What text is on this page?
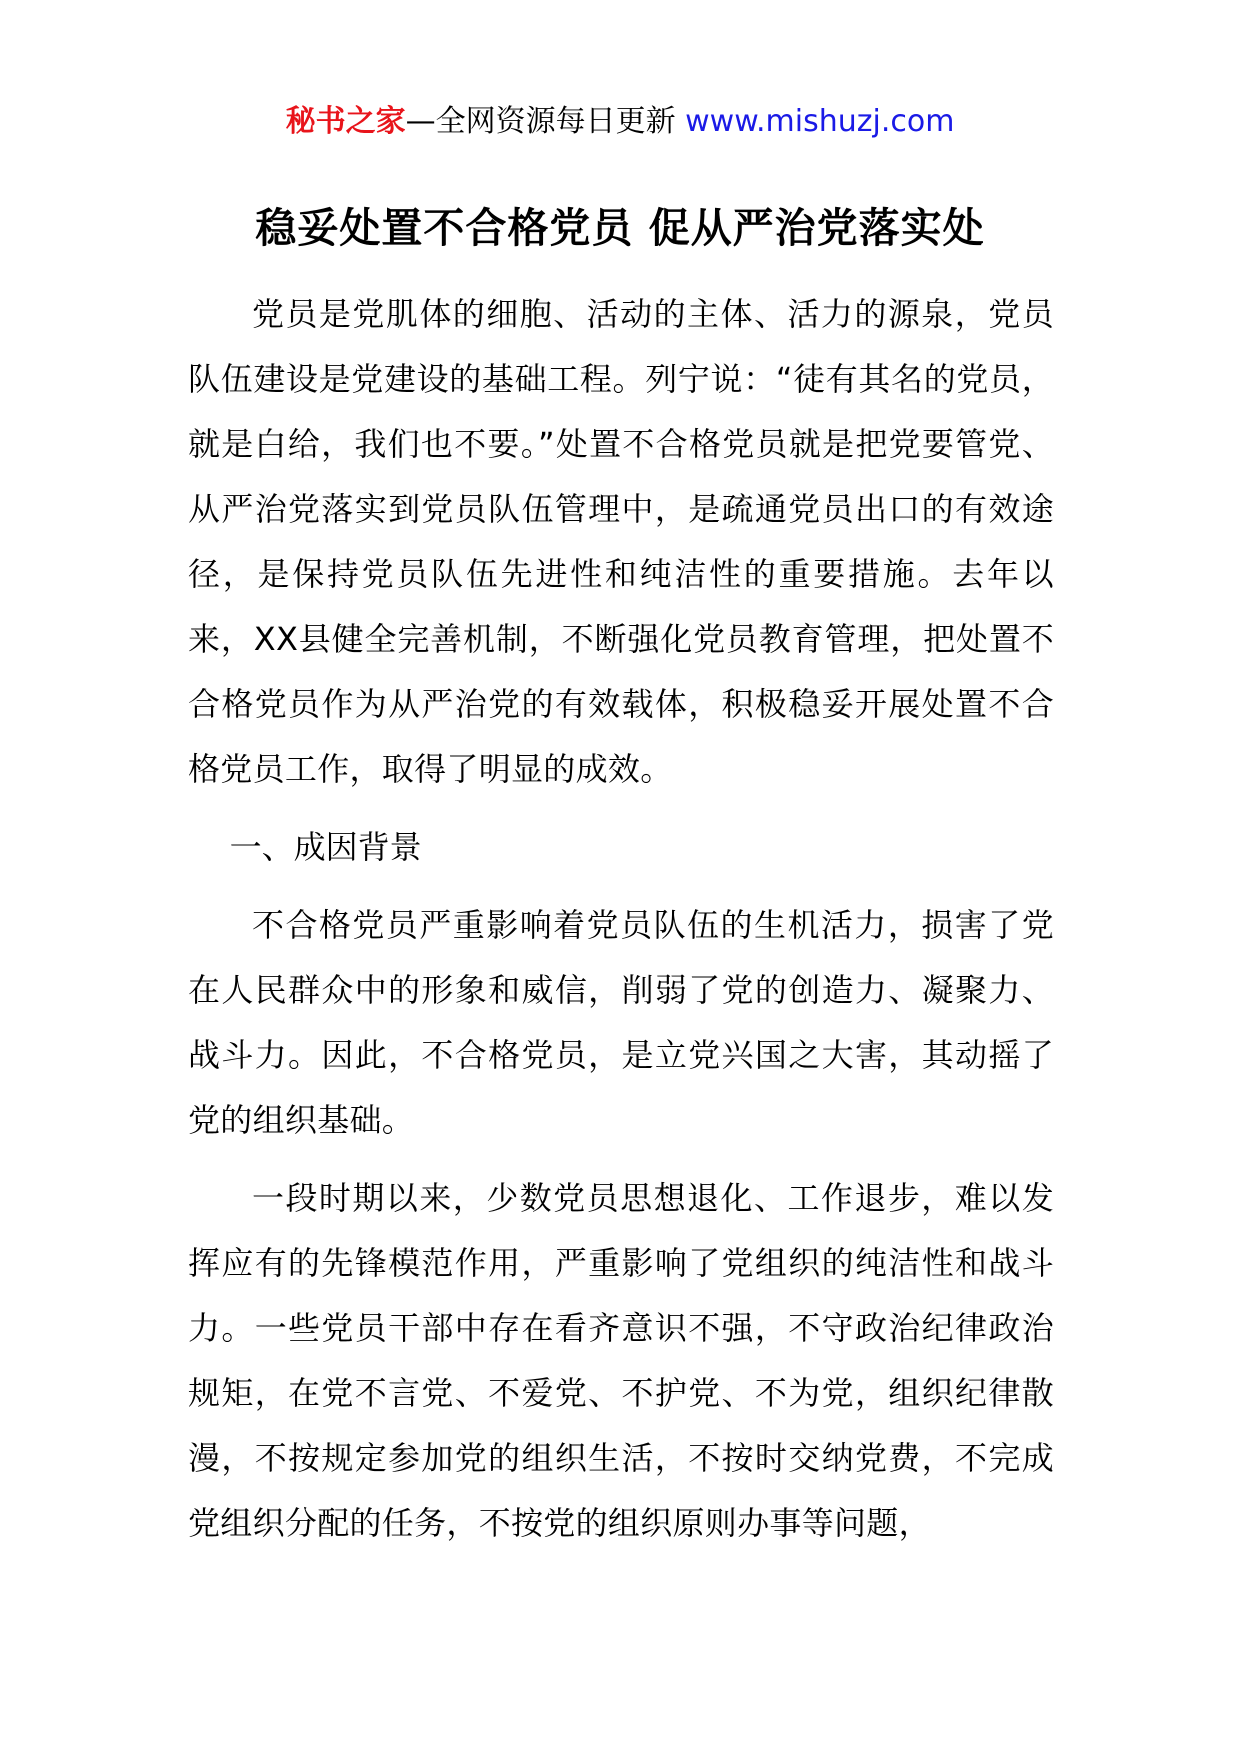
秘书之家—全网资源每日更新 www.mishuzj.com
稳妥处置不合格党员 促从严治党落实处

党员是党肌体的细胞、活动的主体、活力的源泉，党员队伍建设是党建设的基础工程。列宁说：“徒有其名的党员，就是白给，我们也不要。”处置不合格党员就是把党要管党、从严治党落实到党员队伍管理中，是疏通党员出口的有效途径，是保持党员队伍先进性和纯洁性的重要措施。去年以来，XX县健全完善机制，不断强化党员教育管理，把处置不合格党员作为从严治党的有效载体，积极稳妥开展处置不合格党员工作，取得了明显的成效。

一、成因背景

不合格党员严重影响着党员队伍的生机活力，损害了党在人民群众中的形象和威信，削弱了党的创造力、凝聚力、战斗力。因此，不合格党员，是立党兴国之大害，其动摇了党的组织基础。

一段时期以来，少数党员思想退化、工作退步，难以发挥应有的先锋模范作用，严重影响了党组织的纯洁性和战斗力。一些党员干部中存在看齐意识不强，不守政治纪律政治规矩，在党不言党、不爱党、不护党、不为党，组织纪律散漫，不按规定参加党的组织生活，不按时交纳党费，不完成党组织分配的任务，不按党的组织原则办事等问题，
